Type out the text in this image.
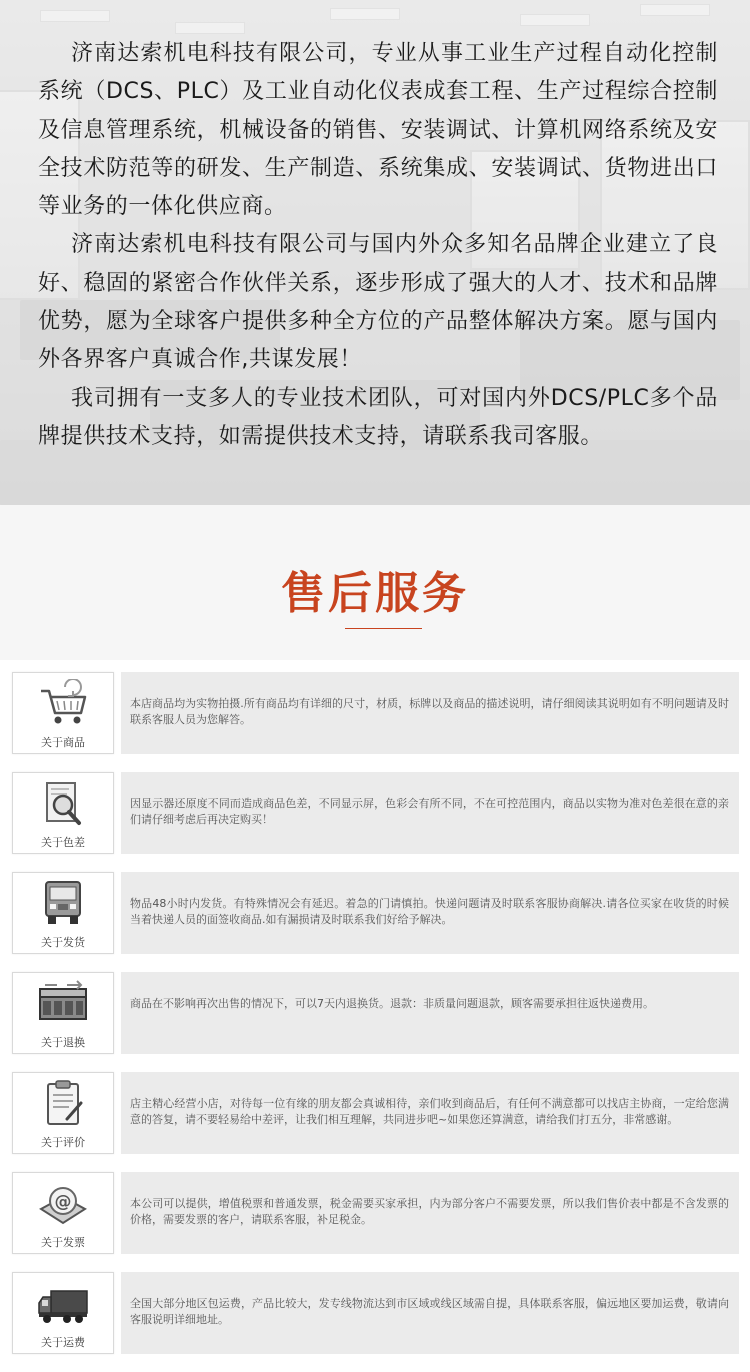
济南达索机电科技有限公司，专业从事工业生产过程自动化控制系统（DCS、PLC）及工业自动化仪表成套工程、生产过程综合控制及信息管理系统，机械设备的销售、安装调试、计算机网络系统及安全技术防范等的研发、生产制造、系统集成、安装调试、货物进出口等业务的一体化供应商。

济南达索机电科技有限公司与国内外众多知名品牌企业建立了良好、稳固的紧密合作伙伴关系，逐步形成了强大的人才、技术和品牌优势，愿为全球客户提供多种全方位的产品整体解决方案。愿与国内外各界客户真诚合作,共谋发展！

我司拥有一支多人的专业技术团队，可对国内外DCS/PLC多个品牌提供技术支持，如需提供技术支持，请联系我司客服。

售后服务
关于商品

本店商品均为实物拍摄.所有商品均有详细的尺寸，材质，标牌以及商品的描述说明，请仔细阅读其说明如有不明问题请及时联系客服人员为您解答。

关于色差

因显示器还原度不同而造成商品色差，不同显示屏，色彩会有所不同，不在可控范围内，商品以实物为准对色差很在意的亲们请仔细考虑后再决定购买！

关于发货

物品48小时内发货。有特殊情况会有延迟。着急的门请慎拍。快递问题请及时联系客服协商解决.请各位买家在收货的时候当着快递人员的面签收商品.如有漏损请及时联系我们好给予解决。

关于退换

商品在不影响再次出售的情况下，可以7天内退换货。退款：非质量问题退款，顾客需要承担往返快递费用。

关于评价

店主精心经营小店，对待每一位有缘的朋友都会真诚相待，亲们收到商品后，有任何不满意都可以找店主协商，一定给您满意的答复，请不要轻易给中差评，让我们相互理解，共同进步吧~如果您还算满意，请给我们打五分，非常感谢。

@
关于发票

本公司可以提供，增值税票和普通发票，税金需要买家承担，内为部分客户不需要发票，所以我们售价表中都是不含发票的价格，需要发票的客户，请联系客服，补足税金。

关于运费

全国大部分地区包运费，产品比较大，发专线物流达到市区域或线区域需自提，具体联系客服，偏远地区要加运费，敬请向客服说明详细地址。
